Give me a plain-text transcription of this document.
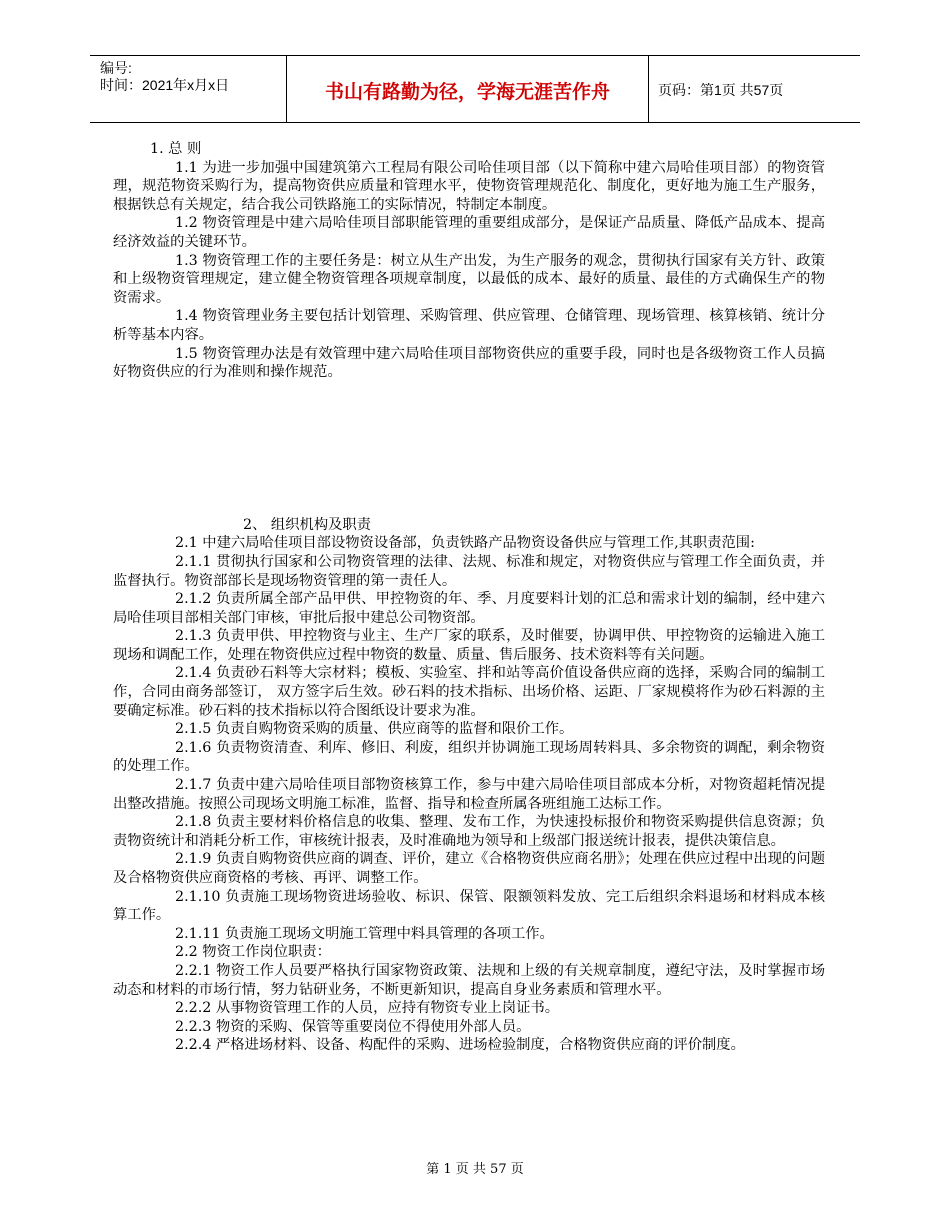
编号:
时间：2021年x月x日	书山有路勤为径，学海无涯苦作舟	页码：第1页 共57页

1. 总 则

1.1 为进一步加强中国建筑第六工程局有限公司哈佳项目部（以下简称中建六局哈佳项目部）的物资管理，规范物资采购行为，提高物资供应质量和管理水平，使物资管理规范化、制度化，更好地为施工生产服务，根据铁总有关规定，结合我公司铁路施工的实际情况，特制定本制度。

1.2 物资管理是中建六局哈佳项目部职能管理的重要组成部分，是保证产品质量、降低产品成本、提高经济效益的关键环节。

1.3 物资管理工作的主要任务是：树立从生产出发，为生产服务的观念，贯彻执行国家有关方针、政策和上级物资管理规定，建立健全物资管理各项规章制度，以最低的成本、最好的质量、最佳的方式确保生产的物资需求。

1.4 物资管理业务主要包括计划管理、采购管理、供应管理、仓储管理、现场管理、核算核销、统计分析等基本内容。

1.5 物资管理办法是有效管理中建六局哈佳项目部物资供应的重要手段，同时也是各级物资工作人员搞好物资供应的行为准则和操作规范。

2、 组织机构及职责

2.1 中建六局哈佳项目部设物资设备部，负责铁路产品物资设备供应与管理工作,其职责范围:

2.1.1 贯彻执行国家和公司物资管理的法律、法规、标准和规定，对物资供应与管理工作全面负责，并监督执行。物资部部长是现场物资管理的第一责任人。

2.1.2 负责所属全部产品甲供、甲控物资的年、季、月度要料计划的汇总和需求计划的编制，经中建六局哈佳项目部相关部门审核，审批后报中建总公司物资部。

2.1.3 负责甲供、甲控物资与业主、生产厂家的联系，及时催要，协调甲供、甲控物资的运输进入施工现场和调配工作，处理在物资供应过程中物资的数量、质量、售后服务、技术资料等有关问题。

2.1.4 负责砂石料等大宗材料；模板、实验室、拌和站等高价值设备供应商的选择，采购合同的编制工作，合同由商务部签订， 双方签字后生效。砂石料的技术指标、出场价格、运距、厂家规模将作为砂石料源的主要确定标准。砂石料的技术指标以符合图纸设计要求为准。

2.1.5 负责自购物资采购的质量、供应商等的监督和限价工作。

2.1.6 负责物资清查、利库、修旧、利废，组织并协调施工现场周转料具、多余物资的调配，剩余物资的处理工作。

2.1.7 负责中建六局哈佳项目部物资核算工作，参与中建六局哈佳项目部成本分析，对物资超耗情况提出整改措施。按照公司现场文明施工标准，监督、指导和检查所属各班组施工达标工作。

2.1.8 负责主要材料价格信息的收集、整理、发布工作，为快速投标报价和物资采购提供信息资源；负责物资统计和消耗分析工作，审核统计报表，及时准确地为领导和上级部门报送统计报表，提供决策信息。

2.1.9 负责自购物资供应商的调查、评价，建立《合格物资供应商名册》；处理在供应过程中出现的问题及合格物资供应商资格的考核、再评、调整工作。

2.1.10 负责施工现场物资进场验收、标识、保管、限额领料发放、完工后组织余料退场和材料成本核算工作。

2.1.11 负责施工现场文明施工管理中料具管理的各项工作。

2.2 物资工作岗位职责：

2.2.1 物资工作人员要严格执行国家物资政策、法规和上级的有关规章制度，遵纪守法，及时掌握市场动态和材料的市场行情，努力钻研业务，不断更新知识，提高自身业务素质和管理水平。

2.2.2 从事物资管理工作的人员，应持有物资专业上岗证书。

2.2.3 物资的采购、保管等重要岗位不得使用外部人员。

2.2.4 严格进场材料、设备、构配件的采购、进场检验制度，合格物资供应商的评价制度。

第 1 页 共 57 页
